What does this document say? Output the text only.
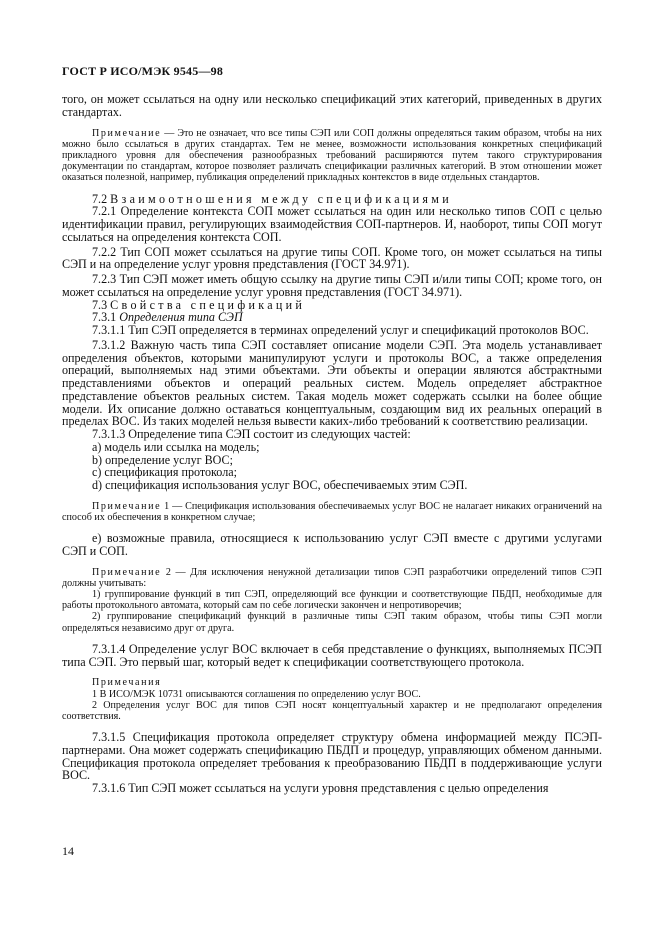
ГОСТ Р ИСО/МЭК 9545—98

того, он может ссылаться на одну или несколько спецификаций этих категорий, приведенных в других стандартах.

Примечание — Это не означает, что все типы СЭП или СОП должны определяться таким образом, чтобы на них можно было ссылаться в других стандартах. Тем не менее, возможности использования конкретных спецификаций прикладного уровня для обеспечения разнообразных требований расширяются путем такого структурирования документации по стандартам, которое позволяет различать спецификации различных категорий. В этом отношении может оказаться полезной, например, публикация определений прикладных контекстов в виде отдельных стандартов.

7.2 Взаимоотношения между спецификациями

7.2.1 Определение контекста СОП может ссылаться на один или несколько типов СОП с целью идентификации правил, регулирующих взаимодействия СОП-партнеров. И, наоборот, типы СОП могут ссылаться на определения контекста СОП.

7.2.2 Тип СОП может ссылаться на другие типы СОП. Кроме того, он может ссылаться на типы СЭП и на определение услуг уровня представления (ГОСТ 34.971).

7.2.3 Тип СЭП может иметь общую ссылку на другие типы СЭП и/или типы СОП; кроме того, он может ссылаться на определение услуг уровня представления (ГОСТ 34.971).

7.3 Свойства спецификаций

7.3.1 Определения типа СЭП

7.3.1.1 Тип СЭП определяется в терминах определений услуг и спецификаций протоколов ВОС.

7.3.1.2 Важную часть типа СЭП составляет описание модели СЭП. Эта модель устанавливает определения объектов, которыми манипулируют услуги и протоколы ВОС, а также определения операций, выполняемых над этими объектами. Эти объекты и операции являются абстрактными представлениями объектов и операций реальных систем. Модель определяет абстрактное представление объектов реальных систем. Такая модель может содержать ссылки на более общие модели. Их описание должно оставаться концептуальным, создающим вид их реальных операций в пределах ВОС. Из таких моделей нельзя вывести каких-либо требований к соответствию реализации.

7.3.1.3 Определение типа СЭП состоит из следующих частей:

a) модель или ссылка на модель;

b) определение услуг ВОС;

c) спецификация протокола;

d) спецификация использования услуг ВОС, обеспечиваемых этим СЭП.

Примечание 1 — Спецификация использования обеспечиваемых услуг ВОС не налагает никаких ограничений на способ их обеспечения в конкретном случае;

e) возможные правила, относящиеся к использованию услуг СЭП вместе с другими услугами СЭП и СОП.

Примечание 2 — Для исключения ненужной детализации типов СЭП разработчики определений типов СЭП должны учитывать:

1) группирование функций в тип СЭП, определяющий все функции и соответствующие ПБДП, необходимые для работы протокольного автомата, который сам по себе логически закончен и непротиворечив;

2) группирование спецификаций функций в различные типы СЭП таким образом, чтобы типы СЭП могли определяться независимо друг от друга.

7.3.1.4 Определение услуг ВОС включает в себя представление о функциях, выполняемых ПСЭП типа СЭП. Это первый шаг, который ведет к спецификации соответствующего протокола.

Примечания

1 В ИСО/МЭК 10731 описываются соглашения по определению услуг ВОС.

2 Определения услуг ВОС для типов СЭП носят концептуальный характер и не предполагают определения соответствия.

7.3.1.5 Спецификация протокола определяет структуру обмена информацией между ПСЭП-партнерами. Она может содержать спецификацию ПБДП и процедур, управляющих обменом данными. Спецификация протокола определяет требования к преобразованию ПБДП в поддерживающие услуги ВОС.

7.3.1.6 Тип СЭП может ссылаться на услуги уровня представления с целью определения

14
